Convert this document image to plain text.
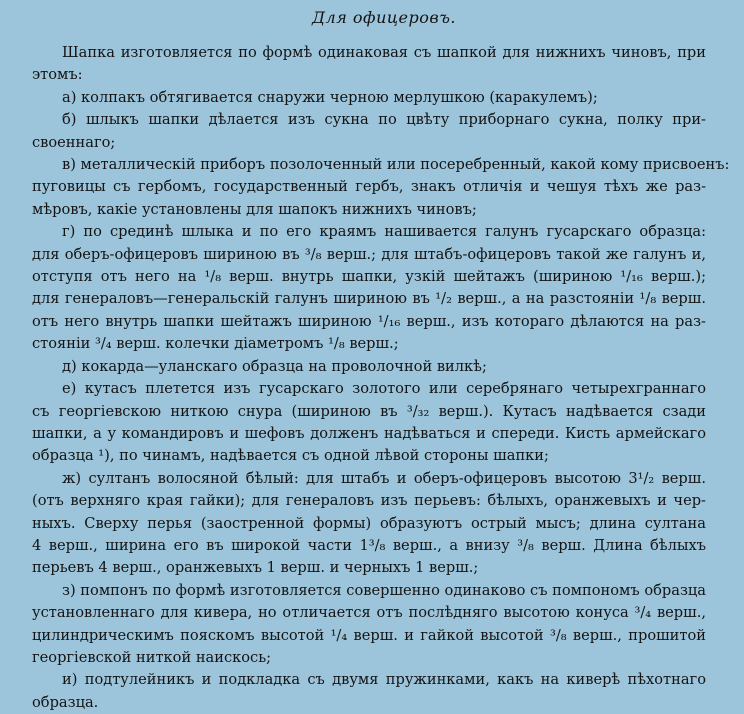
Для офицеровъ.
Шапка изготовляется по формѣ одинаковая съ шапкой для нижнихъ чиновъ, при
этомъ:
а) колпакъ обтягивается снаружи черною мерлушкою (каракулемъ);
б) шлыкъ шапки дѣлается изъ сукна по цвѣту приборнаго сукна, полку при-
своеннаго;
в) металлическій приборъ позолоченный или посеребренный, какой кому присвоенъ:
пуговицы съ гербомъ, государственный гербъ, знакъ отличія и чешуя тѣхъ же раз-
мѣровъ, какіе установлены для шапокъ нижнихъ чиновъ;
г) по срединѣ шлыка и по его краямъ нашивается галунъ гусарскаго образца:
для оберъ-офицеровъ шириною въ ³/₈ верш.; для штабъ-офицеровъ такой же галунъ и,
отступя отъ него на ¹/₈ верш. внутрь шапки, узкій шейтажъ (шириною ¹/₁₆ верш.);
для генераловъ—генеральскій галунъ шириною въ ¹/₂ верш., а на разстояніи ¹/₈ верш.
отъ него внутрь шапки шейтажъ шириною ¹/₁₆ верш., изъ котораго дѣлаются на раз-
стояніи ³/₄ верш. колечки діаметромъ ¹/₈ верш.;
д) кокарда—уланскаго образца на проволочной вилкѣ;
е) кутасъ плетется изъ гусарскаго золотого или серебрянаго четырехграннаго
съ георгіевскою ниткою снура (шириною въ ³/₃₂ верш.). Кутасъ надѣвается сзади
шапки, а у командировъ и шефовъ долженъ надѣваться и спереди. Кисть армейскаго
образца ¹), по чинамъ, надѣвается съ одной лѣвой стороны шапки;
ж) султанъ волосяной бѣлый: для штабъ и оберъ-офицеровъ высотою 3¹/₂ верш.
(отъ верхняго края гайки); для генераловъ изъ перьевъ: бѣлыхъ, оранжевыхъ и чер-
ныхъ. Сверху перья (заостренной формы) образуютъ острый мысъ; длина султана
4 верш., ширина его въ широкой части 1³/₈ верш., а внизу ³/₈ верш. Длина бѣлыхъ
перьевъ 4 верш., оранжевыхъ 1 верш. и черныхъ 1 верш.;
з) помпонъ по формѣ изготовляется совершенно одинаково съ помпономъ образца
установленнаго для кивера, но отличается отъ послѣдняго высотою конуса ³/₄ верш.,
цилиндрическимъ пояскомъ высотой ¹/₄ верш. и гайкой высотой ³/₈ верш., прошитой
георгіевской ниткой наискось;
и) подтулейникъ и подкладка съ двумя пружинками, какъ на киверѣ пѣхотнаго
образца.
